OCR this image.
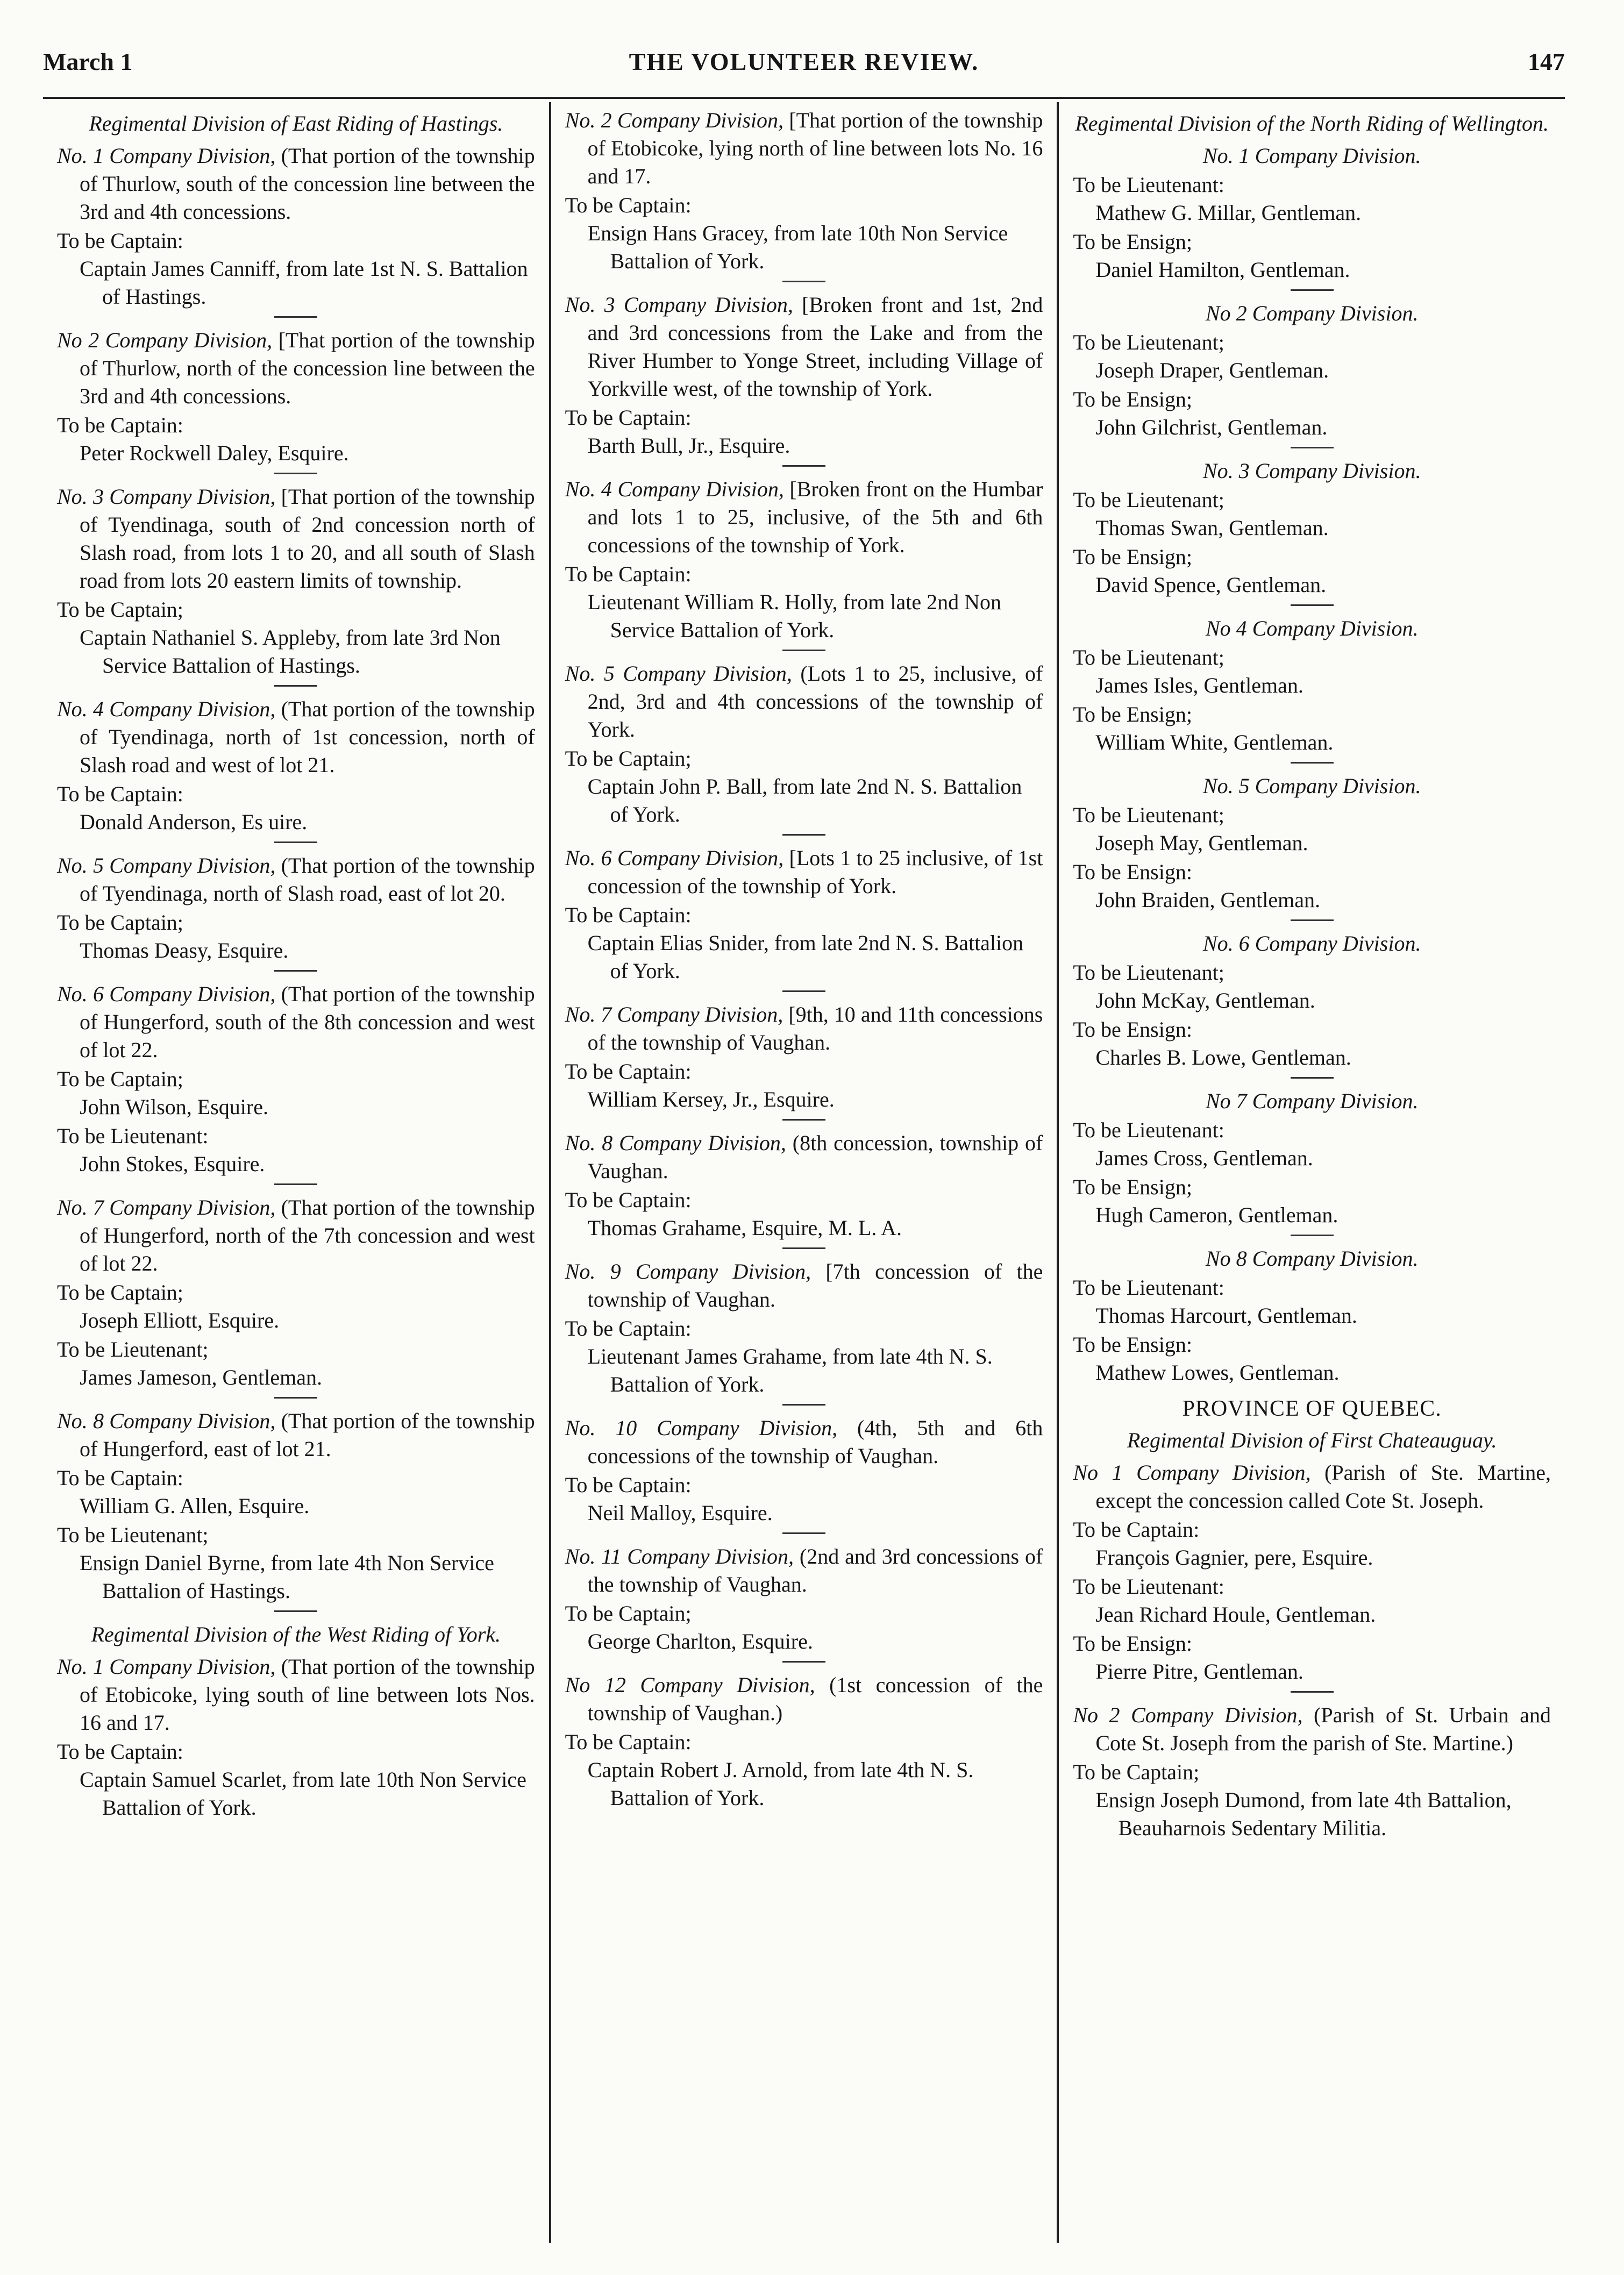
March 1	THE VOLUNTEER REVIEW.	147

Regimental Division of East Riding of Hastings.

No. 1 Company Division, (That portion of the township of Thurlow, south of the concession line between the 3rd and 4th concessions.

To be Captain:

Captain James Canniff, from late 1st N. S. Battalion of Hastings.

No 2 Company Division, [That portion of the township of Thurlow, north of the concession line between the 3rd and 4th concessions.

To be Captain:

Peter Rockwell Daley, Esquire.

No. 3 Company Division, [That portion of the township of Tyendinaga, south of 2nd concession north of Slash road, from lots 1 to 20, and all south of Slash road from lots 20 eastern limits of township.

To be Captain;

Captain Nathaniel S. Appleby, from late 3rd Non Service Battalion of Hastings.

No. 4 Company Division, (That portion of the township of Tyendinaga, north of 1st concession, north of Slash road and west of lot 21.

To be Captain:

Donald Anderson, Es uire.

No. 5 Company Division, (That portion of the township of Tyendinaga, north of Slash road, east of lot 20.

To be Captain;

Thomas Deasy, Esquire.

No. 6 Company Division, (That portion of the township of Hungerford, south of the 8th concession and west of lot 22.

To be Captain;

John Wilson, Esquire.

To be Lieutenant:

John Stokes, Esquire.

No. 7 Company Division, (That portion of the township of Hungerford, north of the 7th concession and west of lot 22.

To be Captain;

Joseph Elliott, Esquire.

To be Lieutenant;

James Jameson, Gentleman.

No. 8 Company Division, (That portion of the township of Hungerford, east of lot 21.

To be Captain:

William G. Allen, Esquire.

To be Lieutenant;

Ensign Daniel Byrne, from late 4th Non Service Battalion of Hastings.

Regimental Division of the West Riding of York.

No. 1 Company Division, (That portion of the township of Etobicoke, lying south of line between lots Nos. 16 and 17.

To be Captain:

Captain Samuel Scarlet, from late 10th Non Service Battalion of York.

No. 2 Company Division, [That portion of the township of Etobicoke, lying north of line between lots No. 16 and 17.

To be Captain:

Ensign Hans Gracey, from late 10th Non Service Battalion of York.

No. 3 Company Division, [Broken front and 1st, 2nd and 3rd concessions from the Lake and from the River Humber to Yonge Street, including Village of Yorkville west, of the township of York.

To be Captain:

Barth Bull, Jr., Esquire.

No. 4 Company Division, [Broken front on the Humbar and lots 1 to 25, inclusive, of the 5th and 6th concessions of the township of York.

To be Captain:

Lieutenant William R. Holly, from late 2nd Non Service Battalion of York.

No. 5 Company Division, (Lots 1 to 25, inclusive, of 2nd, 3rd and 4th concessions of the township of York.

To be Captain;

Captain John P. Ball, from late 2nd N. S. Battalion of York.

No. 6 Company Division, [Lots 1 to 25 inclusive, of 1st concession of the township of York.

To be Captain:

Captain Elias Snider, from late 2nd N. S. Battalion of York.

No. 7 Company Division, [9th, 10 and 11th concessions of the township of Vaughan.

To be Captain:

William Kersey, Jr., Esquire.

No. 8 Company Division, (8th concession, township of Vaughan.

To be Captain:

Thomas Grahame, Esquire, M. L. A.

No. 9 Company Division, [7th concession of the township of Vaughan.

To be Captain:

Lieutenant James Grahame, from late 4th N. S. Battalion of York.

No. 10 Company Division, (4th, 5th and 6th concessions of the township of Vaughan.

To be Captain:

Neil Malloy, Esquire.

No. 11 Company Division, (2nd and 3rd concessions of the township of Vaughan.

To be Captain;

George Charlton, Esquire.

No 12 Company Division, (1st concession of the township of Vaughan.)

To be Captain:

Captain Robert J. Arnold, from late 4th N. S. Battalion of York.

Regimental Division of the North Riding of Wellington.

No. 1 Company Division.

To be Lieutenant:

Mathew G. Millar, Gentleman.

To be Ensign;

Daniel Hamilton, Gentleman.

No 2 Company Division.

To be Lieutenant;

Joseph Draper, Gentleman.

To be Ensign;

John Gilchrist, Gentleman.

No. 3 Company Division.

To be Lieutenant;

Thomas Swan, Gentleman.

To be Ensign;

David Spence, Gentleman.

No 4 Company Division.

To be Lieutenant;

James Isles, Gentleman.

To be Ensign;

William White, Gentleman.

No. 5 Company Division.

To be Lieutenant;

Joseph May, Gentleman.

To be Ensign:

John Braiden, Gentleman.

No. 6 Company Division.

To be Lieutenant;

John McKay, Gentleman.

To be Ensign:

Charles B. Lowe, Gentleman.

No 7 Company Division.

To be Lieutenant:

James Cross, Gentleman.

To be Ensign;

Hugh Cameron, Gentleman.

No 8 Company Division.

To be Lieutenant:

Thomas Harcourt, Gentleman.

To be Ensign:

Mathew Lowes, Gentleman.

PROVINCE OF QUEBEC.

Regimental Division of First Chateauguay.

No 1 Company Division, (Parish of Ste. Martine, except the concession called Cote St. Joseph.

To be Captain:

François Gagnier, pere, Esquire.

To be Lieutenant:

Jean Richard Houle, Gentleman.

To be Ensign:

Pierre Pitre, Gentleman.

No 2 Company Division, (Parish of St. Urbain and Cote St. Joseph from the parish of Ste. Martine.)

To be Captain;

Ensign Joseph Dumond, from late 4th Battalion, Beauharnois Sedentary Militia.
